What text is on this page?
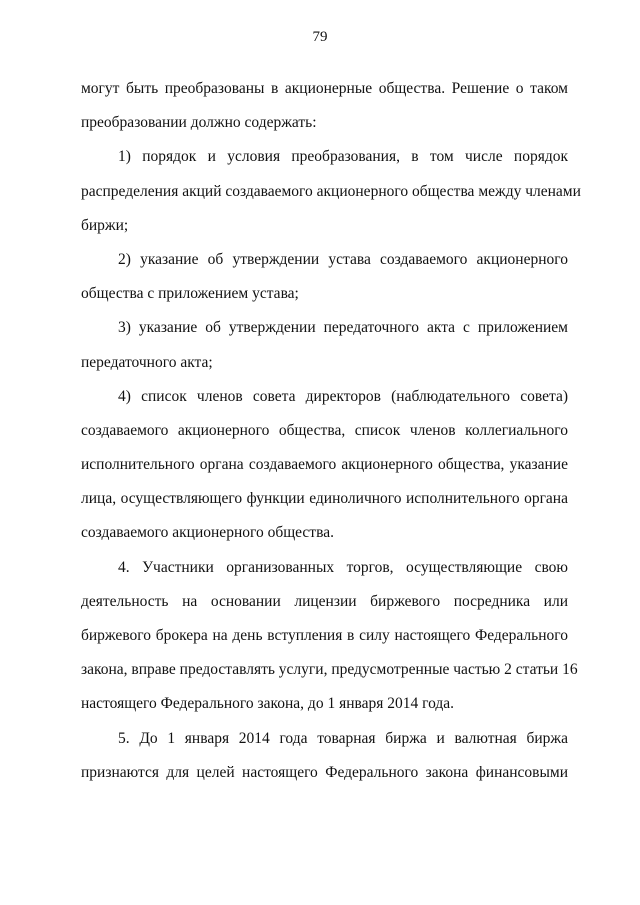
79
могут быть преобразованы в акционерные общества. Решение о таком
преобразовании должно содержать:
1) порядок и условия преобразования, в том числе порядок
распределения акций создаваемого акционерного общества между членами
биржи;
2) указание об утверждении устава создаваемого акционерного
общества с приложением устава;
3) указание об утверждении передаточного акта с приложением
передаточного акта;
4) список членов совета директоров (наблюдательного совета)
создаваемого акционерного общества, список членов коллегиального
исполнительного органа создаваемого акционерного общества, указание
лица, осуществляющего функции единоличного исполнительного органа
создаваемого акционерного общества.
4. Участники организованных торгов, осуществляющие свою
деятельность на основании лицензии биржевого посредника или
биржевого брокера на день вступления в силу настоящего Федерального
закона, вправе предоставлять услуги, предусмотренные частью 2 статьи 16
настоящего Федерального закона, до 1 января 2014 года.
5. До 1 января 2014 года товарная биржа и валютная биржа
признаются для целей настоящего Федерального закона финансовыми
